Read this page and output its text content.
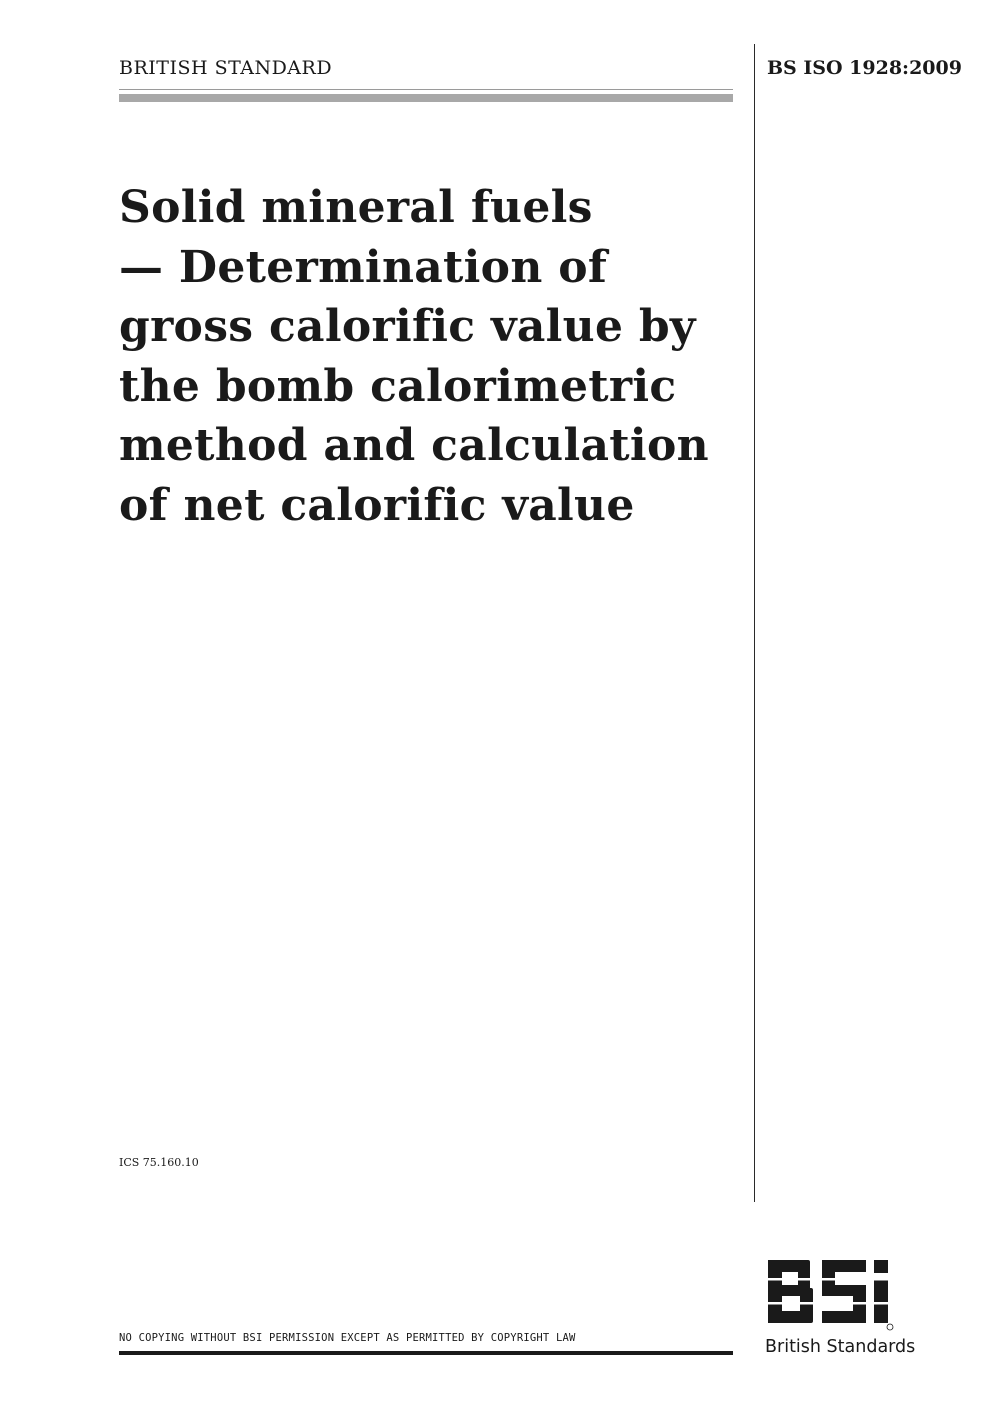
BRITISH STANDARD	BS ISO 1928:2009
Solid mineral fuels
— Determination of
gross calorific value by
the bomb calorimetric
method and calculation
of net calorific value
ICS 75.160.10
NO COPYING WITHOUT BSI PERMISSION EXCEPT AS PERMITTED BY COPYRIGHT LAW	British Standards
